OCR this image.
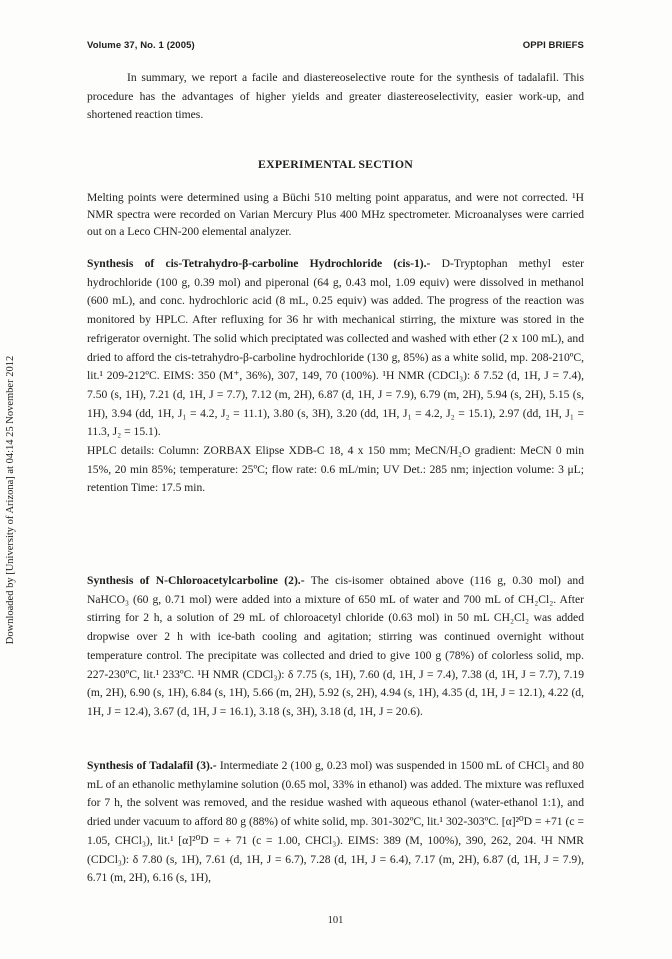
Volume 37, No. 1 (2005)	OPPI BRIEFS
Downloaded by [University of Arizona] at 04:14 25 November 2012

In summary, we report a facile and diastereoselective route for the synthesis of tadalafil. This procedure has the advantages of higher yields and greater diastereoselectivity, easier work-up, and shortened reaction times.

EXPERIMENTAL SECTION

Melting points were determined using a Büchi 510 melting point apparatus, and were not corrected. ¹H NMR spectra were recorded on Varian Mercury Plus 400 MHz spectrometer. Microanalyses were carried out on a Leco CHN-200 elemental analyzer.

Synthesis of cis-Tetrahydro-β-carboline Hydrochloride (cis-1).- D-Tryptophan methyl ester hydrochloride (100 g, 0.39 mol) and piperonal (64 g, 0.43 mol, 1.09 equiv) were dissolved in methanol (600 mL), and conc. hydrochloric acid (8 mL, 0.25 equiv) was added. The progress of the reaction was monitored by HPLC. After refluxing for 36 hr with mechanical stirring, the mixture was stored in the refrigerator overnight. The solid which preciptated was collected and washed with ether (2 x 100 mL), and dried to afford the cis-tetrahydro-β-carboline hydrochloride (130 g, 85%) as a white solid, mp. 208-210ºC, lit.¹ 209-212ºC. EIMS: 350 (M⁺, 36%), 307, 149, 70 (100%). ¹H NMR (CDCl₃): δ 7.52 (d, 1H, J = 7.4), 7.50 (s, 1H), 7.21 (d, 1H, J = 7.7), 7.12 (m, 2H), 6.87 (d, 1H, J = 7.9), 6.79 (m, 2H), 5.94 (s, 2H), 5.15 (s, 1H), 3.94 (dd, 1H, J₁ = 4.2, J₂ = 11.1), 3.80 (s, 3H), 3.20 (dd, 1H, J₁ = 4.2, J₂ = 15.1), 2.97 (dd, 1H, J₁ = 11.3, J₂ = 15.1).

HPLC details: Column: ZORBAX Elipse XDB-C 18, 4 x 150 mm; MeCN/H₂O gradient: MeCN 0 min 15%, 20 min 85%; temperature: 25ºC; flow rate: 0.6 mL/min; UV Det.: 285 nm; injection volume: 3 μL; retention Time: 17.5 min.

Synthesis of N-Chloroacetylcarboline (2).- The cis-isomer obtained above (116 g, 0.30 mol) and NaHCO₃ (60 g, 0.71 mol) were added into a mixture of 650 mL of water and 700 mL of CH₂Cl₂. After stirring for 2 h, a solution of 29 mL of chloroacetyl chloride (0.63 mol) in 50 mL CH₂Cl₂ was added dropwise over 2 h with ice-bath cooling and agitation; stirring was continued overnight without temperature control. The precipitate was collected and dried to give 100 g (78%) of colorless solid, mp. 227-230ºC, lit.¹ 233ºC. ¹H NMR (CDCl₃): δ 7.75 (s, 1H), 7.60 (d, 1H, J = 7.4), 7.38 (d, 1H, J = 7.7), 7.19 (m, 2H), 6.90 (s, 1H), 6.84 (s, 1H), 5.66 (m, 2H), 5.92 (s, 2H), 4.94 (s, 1H), 4.35 (d, 1H, J = 12.1), 4.22 (d, 1H, J = 12.4), 3.67 (d, 1H, J = 16.1), 3.18 (s, 3H), 3.18 (d, 1H, J = 20.6).

Synthesis of Tadalafil (3).- Intermediate 2 (100 g, 0.23 mol) was suspended in 1500 mL of CHCl₃ and 80 mL of an ethanolic methylamine solution (0.65 mol, 33% in ethanol) was added. The mixture was refluxed for 7 h, the solvent was removed, and the residue washed with aqueous ethanol (water-ethanol 1:1), and dried under vacuum to afford 80 g (88%) of white solid, mp. 301-302ºC, lit.¹ 302-303ºC. [α]²⁰D = +71 (c = 1.05, CHCl₃), lit.¹ [α]²⁰D = + 71 (c = 1.00, CHCl₃). EIMS: 389 (M, 100%), 390, 262, 204. ¹H NMR (CDCl₃): δ 7.80 (s, 1H), 7.61 (d, 1H, J = 6.7), 7.28 (d, 1H, J = 6.4), 7.17 (m, 2H), 6.87 (d, 1H, J = 7.9), 6.71 (m, 2H), 6.16 (s, 1H),

101
